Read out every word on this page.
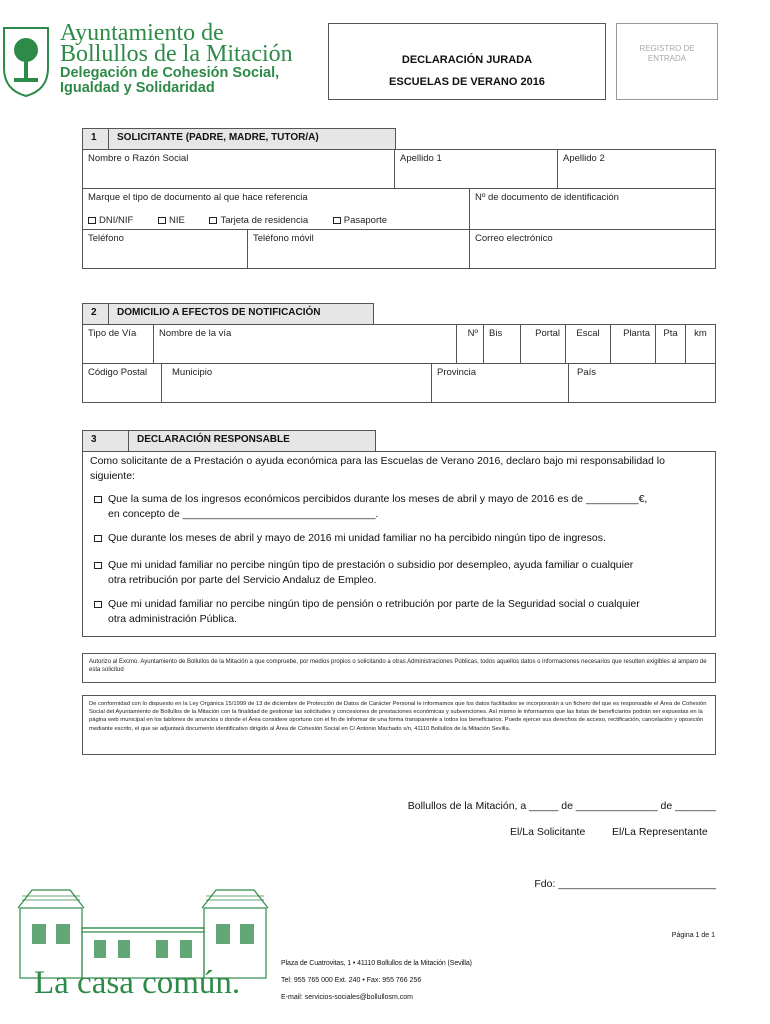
Ayuntamiento de
Bollullos de la Mitación
Delegación de Cohesión Social,
Igualdad y Solidaridad
DECLARACIÓN JURADA
ESCUELAS DE VERANO 2016
REGISTRO DE ENTRADA
1	SOLICITANTE (PADRE, MADRE, TUTOR/A)
Nombre o Razón Social	Apellido 1	Apellido 2
Marque el tipo de documento al que hace referencia
DNI/NIF	NIE	Tarjeta de residencia	Pasaporte
Nº de documento de identificación
Teléfono	Teléfono móvil	Correo electrónico
2	DOMICILIO A EFECTOS DE NOTIFICACIÓN
Tipo de Vía	Nombre de la vía	Nº	Bis	Portal	Escal	Planta	Pta	km
Código Postal	Municipio	Provincia	País
3	DECLARACIÓN RESPONSABLE
Como solicitante de a Prestación o ayuda económica para las Escuelas de Verano 2016, declaro bajo mi responsabilidad lo siguiente:
Que la suma de los ingresos económicos percibidos durante los meses de abril y mayo de 2016 es de _________€,
en concepto de _________________________________.
Que durante los meses de abril y mayo de 2016 mi unidad familiar no ha percibido ningún tipo de ingresos.
Que mi unidad familiar no percibe ningún tipo de prestación o subsidio por desempleo, ayuda familiar o cualquier
otra retribución por parte del Servicio Andaluz de Empleo.
Que mi unidad familiar no percibe ningún tipo de pensión o retribución por parte de la Seguridad social o cualquier
otra administración Pública.
Autorizo al Excmo. Ayuntamiento de Bollullos de la Mitación a que compruebe, por medios propios o solicitando a otras Administraciones Públicas, todos aquellos datos o informaciones necesarios que resulten exigibles al amparo de esta solicitud
De conformidad con lo dispuesto en la Ley Orgánica 15/1999 de 13 de diciembre de Protección de Datos de Carácter Personal le informamos que los datos facilitados se incorporarán a un fichero del que es responsable el Área de Cohesión Social del Ayuntamiento de Bollullos de la Mitación con la finalidad de gestionar las solicitudes y concesiones de prestaciones económicas y subvenciones. Así mismo le informamos que las listas de beneficiarios podrán ser expuestas en la página web municipal en los tablones de anuncios o donde el Área considere oportuno con el fin de informar de una forma transparente a todos los beneficiarios. Puede ejercer sus derechos de acceso, rectificación, cancelación y oposición mediante escrito, el que se adjuntará documento identificativo dirigido al Área de Cohesión Social en C/ Antonio Machado s/n, 41110 Bollullos de la Mitación Sevilla.
Bollullos de la Mitación, a _____ de ______________ de _______
El/La Solicitante	El/La Representante
Fdo: ___________________________
Página 1 de 1
La casa común.
Plaza de Cuatrovitas, 1 • 41110 Bollullos de la Mitación (Sevilla)
Tel: 955 765 000 Ext. 240 • Fax: 955 766 256
E-mail: servicios-sociales@bollullosm.com
